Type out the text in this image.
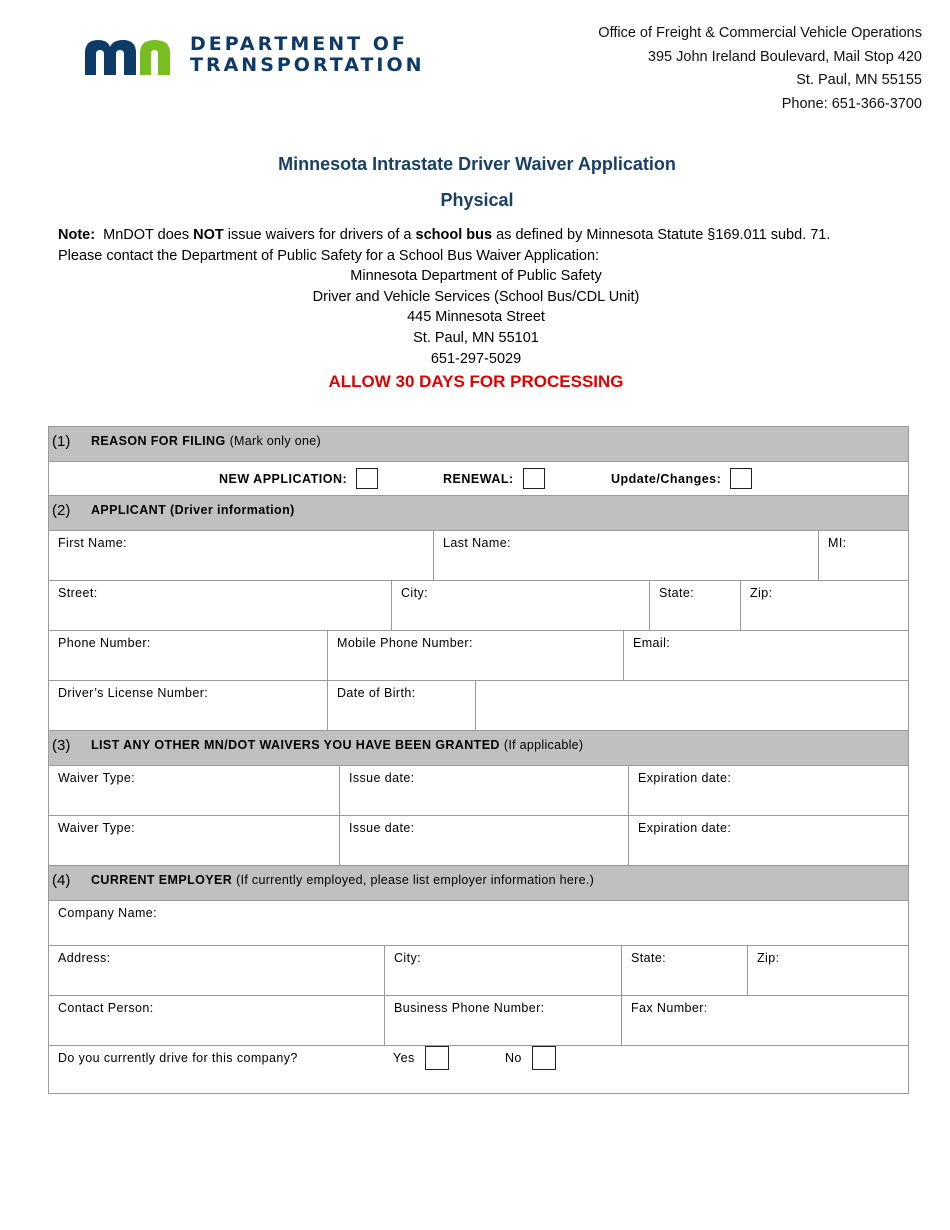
DEPARTMENT OF
TRANSPORTATION
Office of Freight & Commercial Vehicle Operations
395 John Ireland Boulevard, Mail Stop 420
St. Paul, MN 55155
Phone: 651-366-3700
Minnesota Intrastate Driver Waiver Application
Physical
Note: MnDOT does NOT issue waivers for drivers of a school bus as defined by Minnesota Statute §169.011 subd. 71.
Please contact the Department of Public Safety for a School Bus Waiver Application:
Minnesota Department of Public Safety
Driver and Vehicle Services (School Bus/CDL Unit)
445 Minnesota Street
St. Paul, MN 55101
651-297-5029
ALLOW 30 DAYS FOR PROCESSING
(1)	REASON FOR FILING (Mark only one)
NEW APPLICATION:	RENEWAL:	Update/Changes:
(2)	APPLICANT (Driver information)
First Name:	Last Name:	MI:
Street:	City:	State:	Zip:
Phone Number:	Mobile Phone Number:	Email:
Driver’s License Number:	Date of Birth:
(3)	LIST ANY OTHER MN/DOT WAIVERS YOU HAVE BEEN GRANTED (If applicable)
Waiver Type:	Issue date:	Expiration date:
Waiver Type:	Issue date:	Expiration date:
(4)	CURRENT EMPLOYER (If currently employed, please list employer information here.)
Company Name:
Address:	City:	State:	Zip:
Contact Person:	Business Phone Number:	Fax Number:
Do you currently drive for this company?	Yes	No
